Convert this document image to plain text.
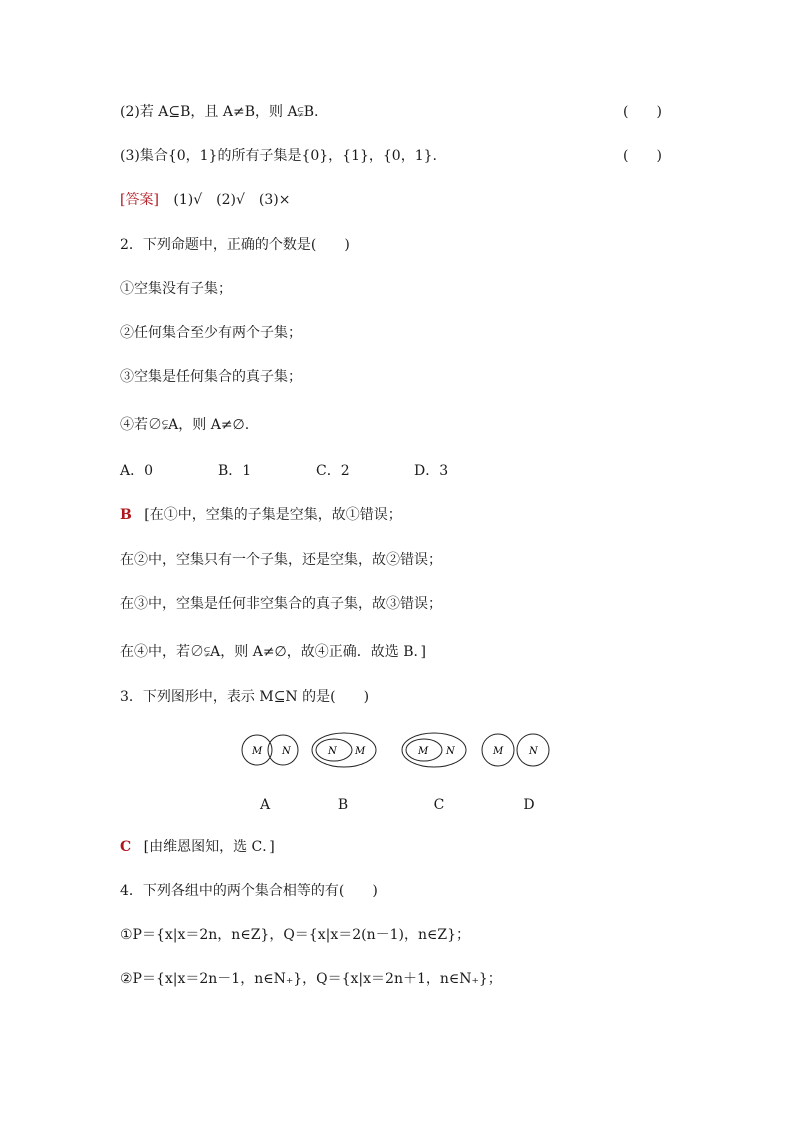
(2)若 A⊆B，且 A≠B，则 A⫋B.	(　　)
(3)集合{0，1}的所有子集是{0}，{1}，{0，1}.	(　　)
[答案] (1)√　(2)√　(3)×
2．下列命题中，正确的个数是(　　)
①空集没有子集；
②任何集合至少有两个子集；
③空集是任何集合的真子集；
④若∅⫋A，则 A≠∅.
A．0	B．1	C．2	D．3
B [在①中，空集的子集是空集，故①错误；
在②中，空集只有一个子集，还是空集，故②错误；
在③中，空集是任何非空集合的真子集，故③错误；
在④中，若∅⫋A，则 A≠∅，故④正确．故选 B．]
3．下列图形中，表示 M⊆N 的是(　　)
M N	N M	M N	M	N
A	B	C	D
C [由维恩图知，选 C．]
4．下列各组中的两个集合相等的有(　　)
①P＝{x|x＝2n，n∈Z}，Q＝{x|x＝2(n－1)，n∈Z}；
②P＝{x|x＝2n－1，n∈N₊}，Q＝{x|x＝2n＋1，n∈N₊}；
